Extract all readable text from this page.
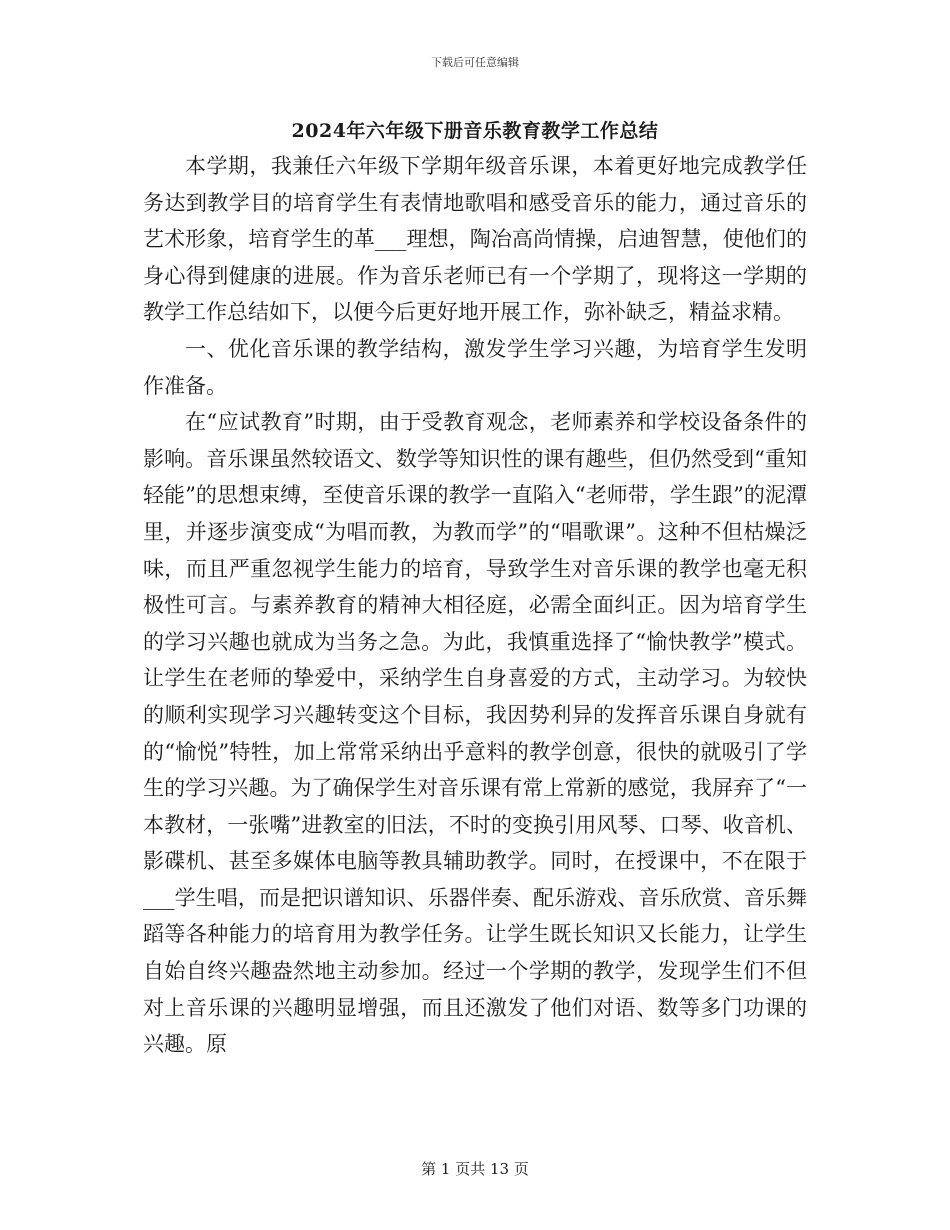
下载后可任意编辑
2024年六年级下册音乐教育教学工作总结

本学期，我兼任六年级下学期年级音乐课，本着更好地完成教学任务达到教学目的培育学生有表情地歌唱和感受音乐的能力，通过音乐的艺术形象，培育学生的革___理想，陶冶高尚情操，启迪智慧，使他们的身心得到健康的进展。作为音乐老师已有一个学期了，现将这一学期的教学工作总结如下，以便今后更好地开展工作，弥补缺乏，精益求精。

一、优化音乐课的教学结构，激发学生学习兴趣，为培育学生发明作准备。

在“应试教育”时期，由于受教育观念，老师素养和学校设备条件的影响。音乐课虽然较语文、数学等知识性的课有趣些，但仍然受到“重知轻能”的思想束缚，至使音乐课的教学一直陷入“老师带，学生跟”的泥潭里，并逐步演变成“为唱而教，为教而学”的“唱歌课”。这种不但枯燥泛味，而且严重忽视学生能力的培育，导致学生对音乐课的教学也毫无积极性可言。与素养教育的精神大相径庭，必需全面纠正。因为培育学生的学习兴趣也就成为当务之急。为此，我慎重选择了“愉快教学”模式。让学生在老师的挚爱中，采纳学生自身喜爱的方式，主动学习。为较快的顺利实现学习兴趣转变这个目标，我因势利异的发挥音乐课自身就有的“愉悦”特牲，加上常常采纳出乎意料的教学创意，很快的就吸引了学生的学习兴趣。为了确保学生对音乐课有常上常新的感觉，我屏弃了“一本教材，一张嘴”进教室的旧法，不时的变换引用风琴、口琴、收音机、影碟机、甚至多媒体电脑等教具辅助教学。同时，在授课中，不在限于___学生唱，而是把识谱知识、乐器伴奏、配乐游戏、音乐欣赏、音乐舞蹈等各种能力的培育用为教学任务。让学生既长知识又长能力，让学生自始自终兴趣盎然地主动参加。经过一个学期的教学，发现学生们不但对上音乐课的兴趣明显增强，而且还激发了他们对语、数等多门功课的兴趣。原

第 1 页共 13 页
